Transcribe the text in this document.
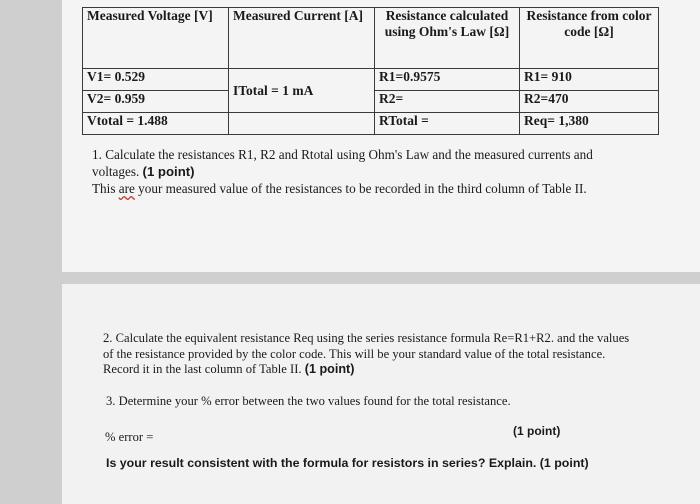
Measured Voltage [V]	Measured Current [A]	Resistance calculated using Ohm's Law [Ω]	Resistance from color code [Ω]
V1= 0.529	ITotal = 1 mA	R1=0.9575	R1= 910
V2= 0.959		R2=	R2=470
Vtotal = 1.488		RTotal =	Req= 1,380
1. Calculate the resistances R1, R2 and Rtotal using Ohm's Law and the measured currents and
voltages. (1 point)
This are your measured value of the resistances to be recorded in the third column of Table II.
2. Calculate the equivalent resistance Req using the series resistance formula Re=R1+R2. and the values
of the resistance provided by the color code. This will be your standard value of the total resistance.
Record it in the last column of Table II. (1 point)
3. Determine your % error between the two values found for the total resistance.
% error =	(1 point)
Is your result consistent with the formula for resistors in series? Explain. (1 point)
